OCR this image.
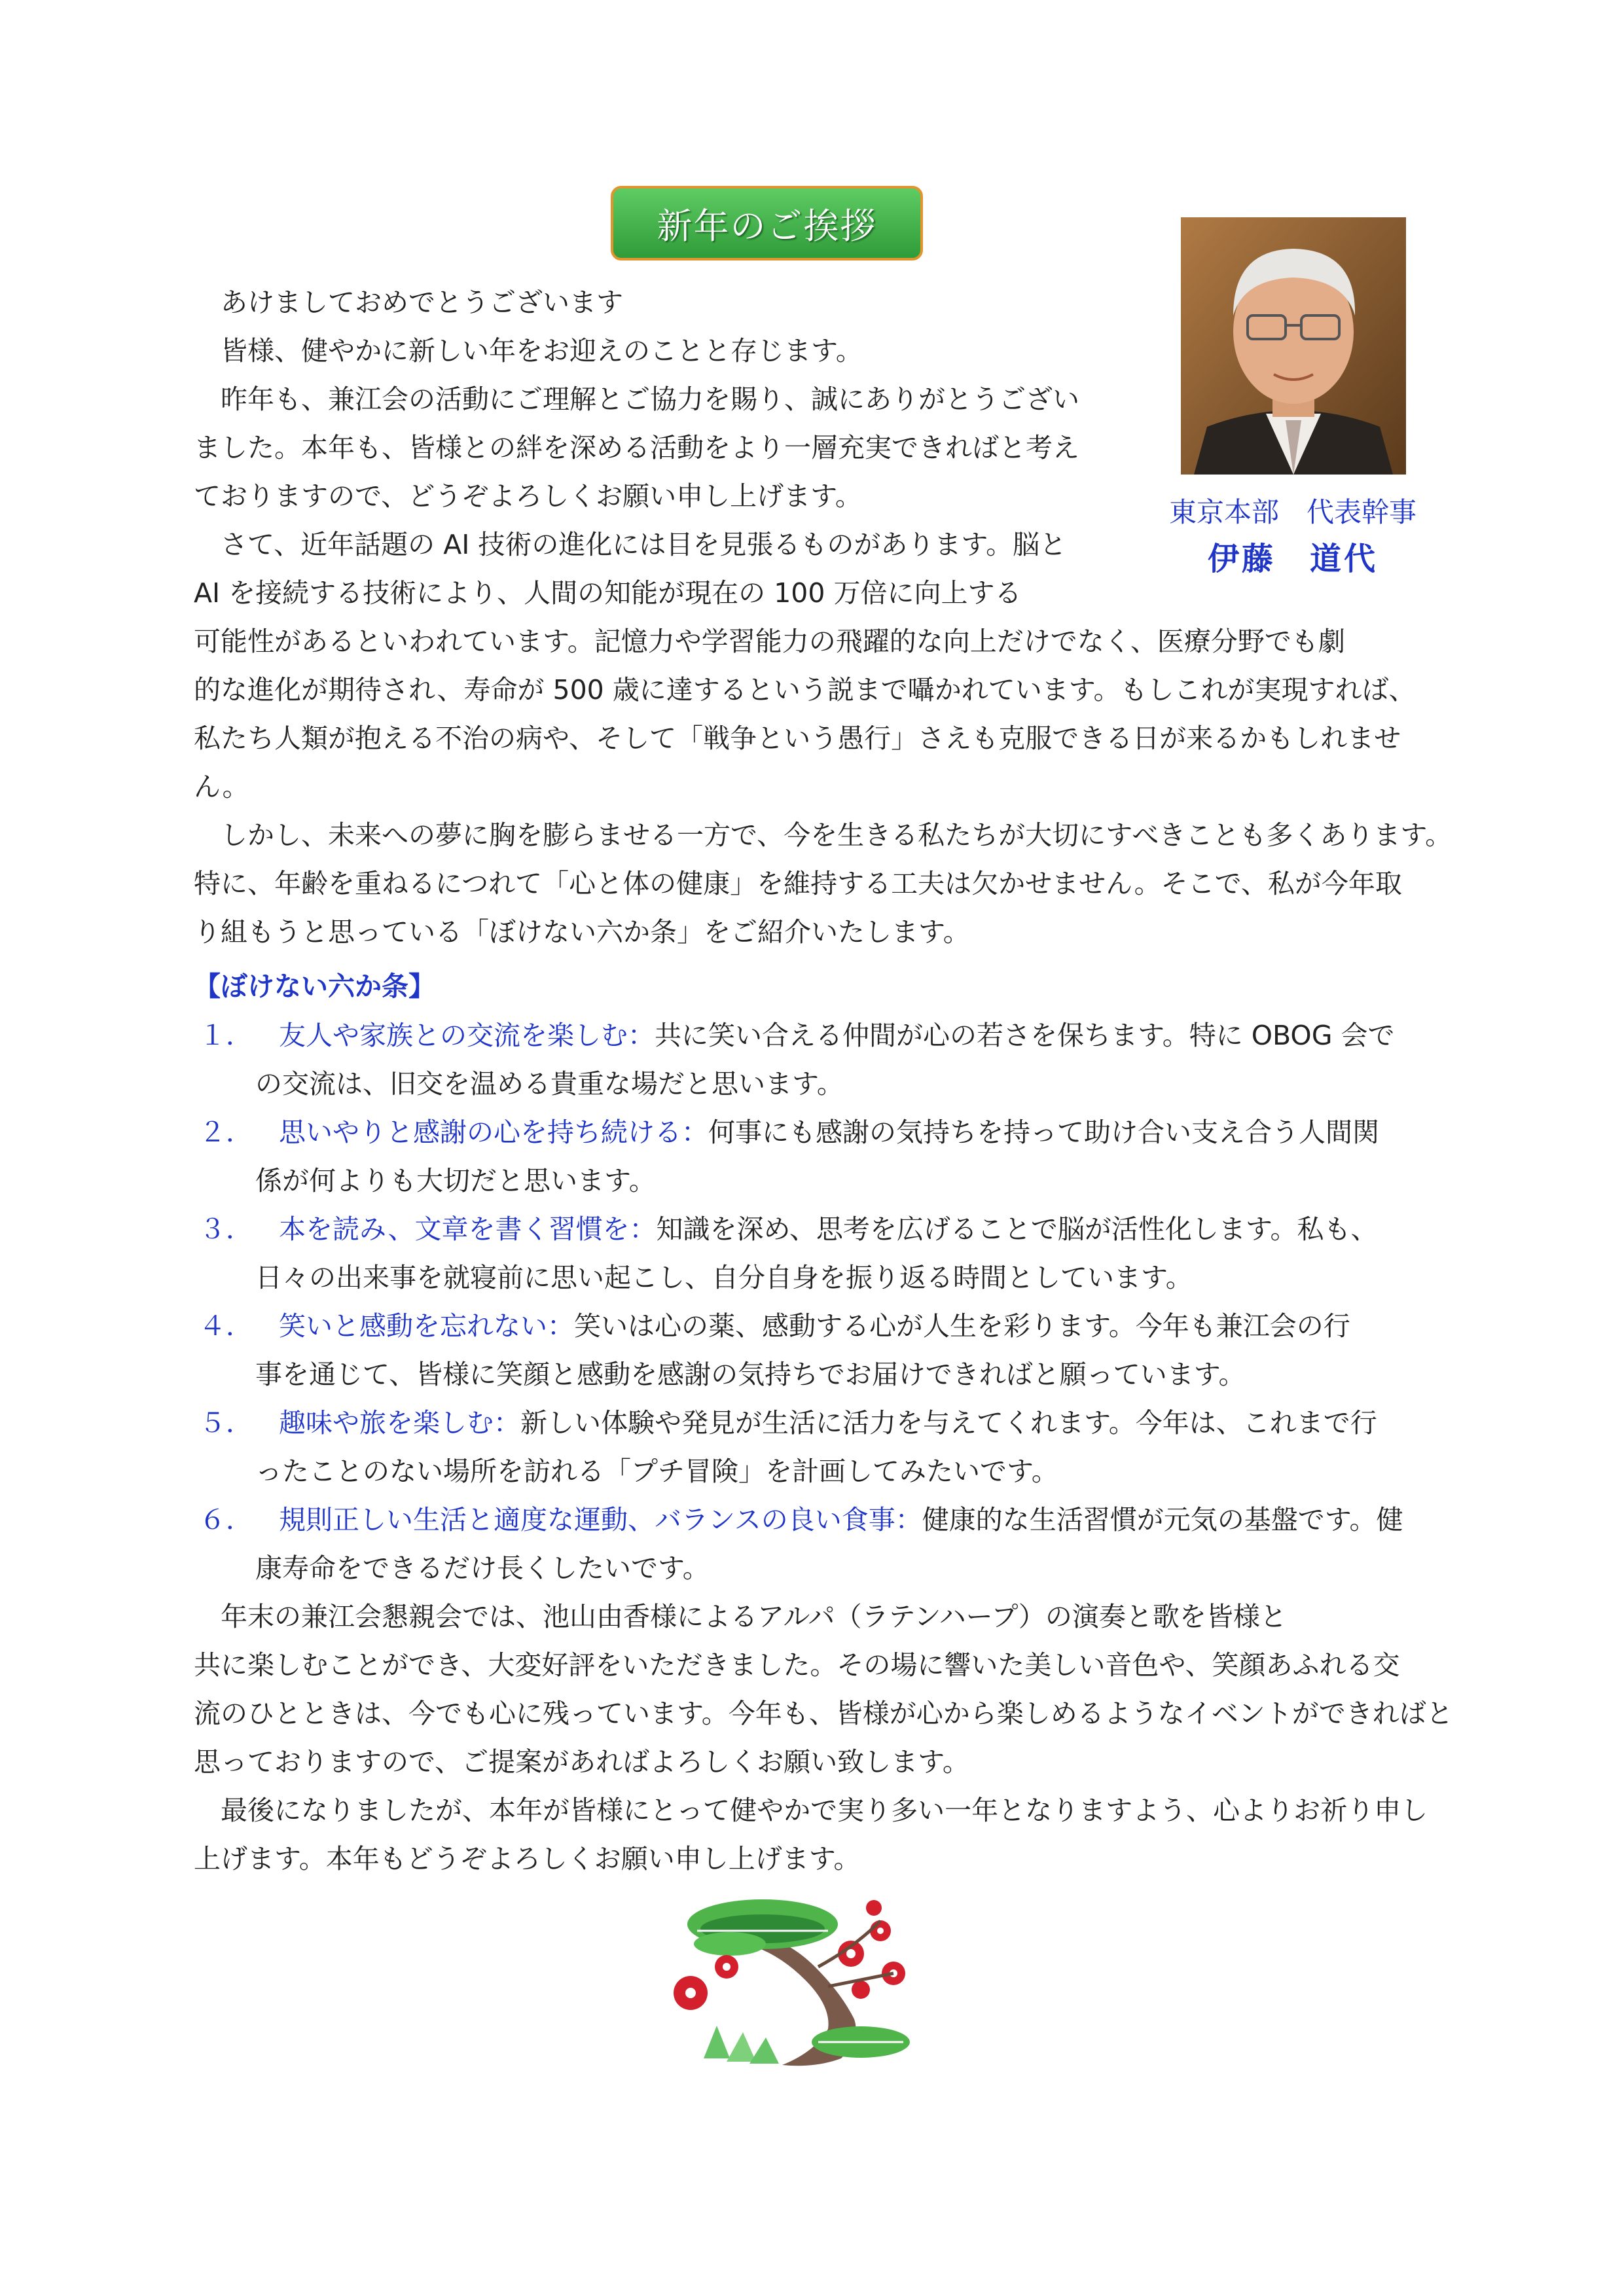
新年のご挨拶
東京本部　代表幹事
伊藤　道代

　あけましておめでとうございます

　皆様、健やかに新しい年をお迎えのことと存じます。

　昨年も、兼江会の活動にご理解とご協力を賜り、誠にありがとうござい

ました。本年も、皆様との絆を深める活動をより一層充実できればと考え

ておりますので、どうぞよろしくお願い申し上げます。

　さて、近年話題の AI 技術の進化には目を見張るものがあります。脳と

AI を接続する技術により、人間の知能が現在の 100 万倍に向上する

可能性があるといわれています。記憶力や学習能力の飛躍的な向上だけでなく、医療分野でも劇

的な進化が期待され、寿命が 500 歳に達するという説まで囁かれています。もしこれが実現すれば、

私たち人類が抱える不治の病や、そして「戦争という愚行」さえも克服できる日が来るかもしれませ

ん。

　しかし、未来への夢に胸を膨らませる一方で、今を生きる私たちが大切にすべきことも多くあります。

特に、年齢を重ねるにつれて「心と体の健康」を維持する工夫は欠かせません。そこで、私が今年取

り組もうと思っている「ぼけない六か条」をご紹介いたします。

【ぼけない六か条】
１． 友人や家族との交流を楽しむ：共に笑い合える仲間が心の若さを保ちます。特に OBOG 会で
の交流は、旧交を温める貴重な場だと思います。
２． 思いやりと感謝の心を持ち続ける：何事にも感謝の気持ちを持って助け合い支え合う人間関
係が何よりも大切だと思います。
３． 本を読み、文章を書く習慣を：知識を深め、思考を広げることで脳が活性化します。私も、
日々の出来事を就寝前に思い起こし、自分自身を振り返る時間としています。
４． 笑いと感動を忘れない：笑いは心の薬、感動する心が人生を彩ります。今年も兼江会の行
事を通じて、皆様に笑顔と感動を感謝の気持ちでお届けできればと願っています。
５． 趣味や旅を楽しむ：新しい体験や発見が生活に活力を与えてくれます。今年は、これまで行
ったことのない場所を訪れる「プチ冒険」を計画してみたいです。
６． 規則正しい生活と適度な運動、バランスの良い食事：健康的な生活習慣が元気の基盤です。健
康寿命をできるだけ長くしたいです。

　年末の兼江会懇親会では、池山由香様によるアルパ（ラテンハープ）の演奏と歌を皆様と

共に楽しむことができ、大変好評をいただきました。その場に響いた美しい音色や、笑顔あふれる交

流のひとときは、今でも心に残っています。今年も、皆様が心から楽しめるようなイベントができればと

思っておりますので、ご提案があればよろしくお願い致します。

　最後になりましたが、本年が皆様にとって健やかで実り多い一年となりますよう、心よりお祈り申し

上げます。本年もどうぞよろしくお願い申し上げます。
